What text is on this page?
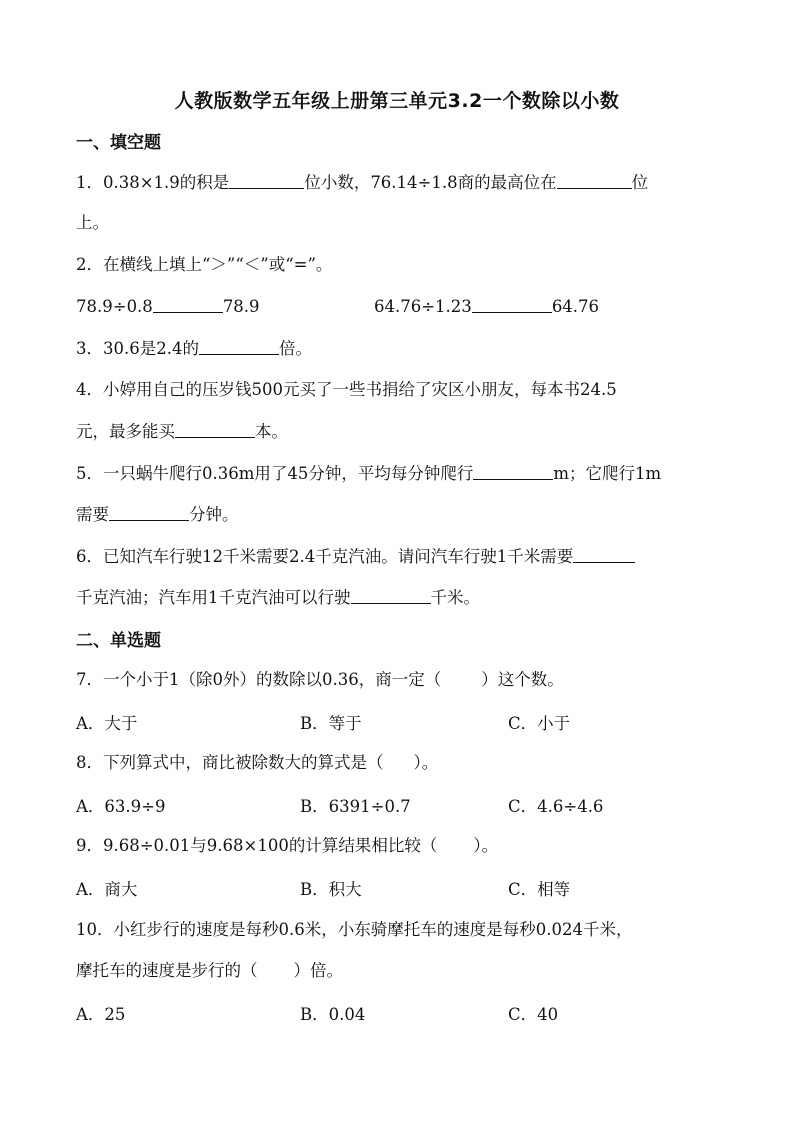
人教版数学五年级上册第三单元3.2一个数除以小数
一、填空题
1．0.38×1.9的积是	位小数，76.14÷1.8商的最高位在	位
上。
2．在横线上填上“＞”“＜”或“=”。
78.9÷0.8	78.9	64.76÷1.23	64.76
3．30.6是2.4的	倍。
4．小婷用自己的压岁钱500元买了一些书捐给了灾区小朋友，每本书24.5
元，最多能买	本。
5．一只蜗牛爬行0.36m用了45分钟，平均每分钟爬行	m；它爬行1m
需要	分钟。
6．已知汽车行驶12千米需要2.4千克汽油。请问汽车行驶1千米需要
千克汽油；汽车用1千克汽油可以行驶	千米。
二、单选题
7．一个小于1（除0外）的数除以0.36，商一定（ ）这个数。
A．大于	B．等于	C．小于
8．下列算式中，商比被除数大的算式是（ ）。
A．63.9÷9	B．6391÷0.7	C．4.6÷4.6
9．9.68÷0.01与9.68×100的计算结果相比较（ ）。
A．商大	B．积大	C．相等
10．小红步行的速度是每秒0.6米，小东骑摩托车的速度是每秒0.024千米，
摩托车的速度是步行的（ ）倍。
A．25	B．0.04	C．40
